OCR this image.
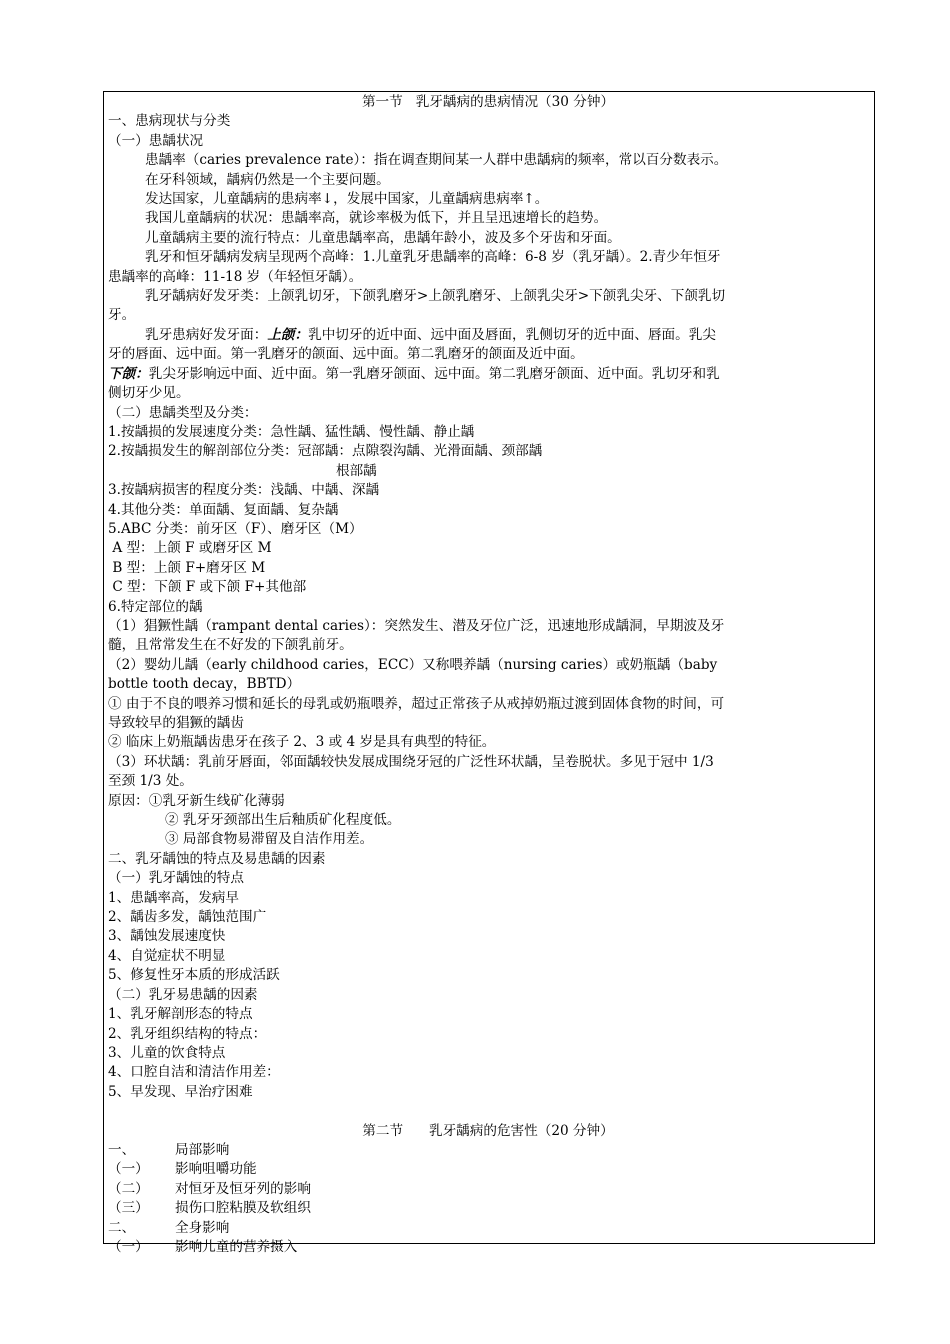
第一节   乳牙龋病的患病情况（30 分钟）
一、患病现状与分类
（一）患龋状况
患龋率（caries prevalence rate）：指在调查期间某一人群中患龋病的频率，常以百分数表示。
在牙科领域，龋病仍然是一个主要问题。
发达国家，儿童龋病的患病率↓，发展中国家，儿童龋病患病率↑。
我国儿童龋病的状况：患龋率高，就诊率极为低下，并且呈迅速增长的趋势。
儿童龋病主要的流行特点：儿童患龋率高，患龋年龄小，波及多个牙齿和牙面。
乳牙和恒牙龋病发病呈现两个高峰：1.儿童乳牙患龋率的高峰：6-8 岁（乳牙龋）。2.青少年恒牙
患龋率的高峰：11-18 岁（年轻恒牙龋）。
乳牙龋病好发牙类：上颌乳切牙，下颌乳磨牙>上颌乳磨牙、上颌乳尖牙>下颌乳尖牙、下颌乳切
牙。
乳牙患病好发牙面：上颌：乳中切牙的近中面、远中面及唇面，乳侧切牙的近中面、唇面。乳尖
牙的唇面、远中面。第一乳磨牙的颌面、远中面。第二乳磨牙的颌面及近中面。
下颌：乳尖牙影响远中面、近中面。第一乳磨牙颌面、远中面。第二乳磨牙颌面、近中面。乳切牙和乳
侧切牙少见。
（二）患龋类型及分类：
1.按龋损的发展速度分类：急性龋、猛性龋、慢性龋、静止龋
2.按龋损发生的解剖部位分类：冠部龋：点隙裂沟龋、光滑面龋、颈部龋
根部龋
3.按龋病损害的程度分类：浅龋、中龋、深龋
4.其他分类：单面龋、复面龋、复杂龋
5.ABC 分类：前牙区（F）、磨牙区（M）
A 型：上颌 F 或磨牙区 M
B 型：上颌 F+磨牙区 M
C 型：下颌 F 或下颌 F+其他部
6.特定部位的龋
（1）猖獗性龋（rampant dental caries）：突然发生、潜及牙位广泛，迅速地形成龋洞，早期波及牙
髓，且常常发生在不好发的下颌乳前牙。
（2）婴幼儿龋（early childhood caries，ECC）又称喂养龋（nursing caries）或奶瓶龋（baby
bottle tooth decay，BBTD）
① 由于不良的喂养习惯和延长的母乳或奶瓶喂养，超过正常孩子从戒掉奶瓶过渡到固体食物的时间，可
导致较早的猖獗的龋齿
② 临床上奶瓶龋齿患牙在孩子 2、3 或 4 岁是具有典型的特征。
（3）环状龋：乳前牙唇面，邻面龋较快发展成围绕牙冠的广泛性环状龋，呈卷脱状。多见于冠中 1/3
至颈 1/3 处。
原因：①乳牙新生线矿化薄弱
② 乳牙牙颈部出生后釉质矿化程度低。
③ 局部食物易滞留及自洁作用差。
二、乳牙龋蚀的特点及易患龋的因素
（一）乳牙龋蚀的特点
1、患龋率高，发病早
2、龋齿多发，龋蚀范围广
3、龋蚀发展速度快
4、自觉症状不明显
5、修复性牙本质的形成活跃
（二）乳牙易患龋的因素
1、乳牙解剖形态的特点
2、乳牙组织结构的特点：
3、儿童的饮食特点
4、口腔自洁和清洁作用差：
5、早发现、早治疗困难
第二节      乳牙龋病的危害性（20 分钟）
一、	局部影响
（一）	影响咀嚼功能
（二）	对恒牙及恒牙列的影响
（三）	损伤口腔粘膜及软组织
二、	全身影响
（一）	影响儿童的营养摄入
